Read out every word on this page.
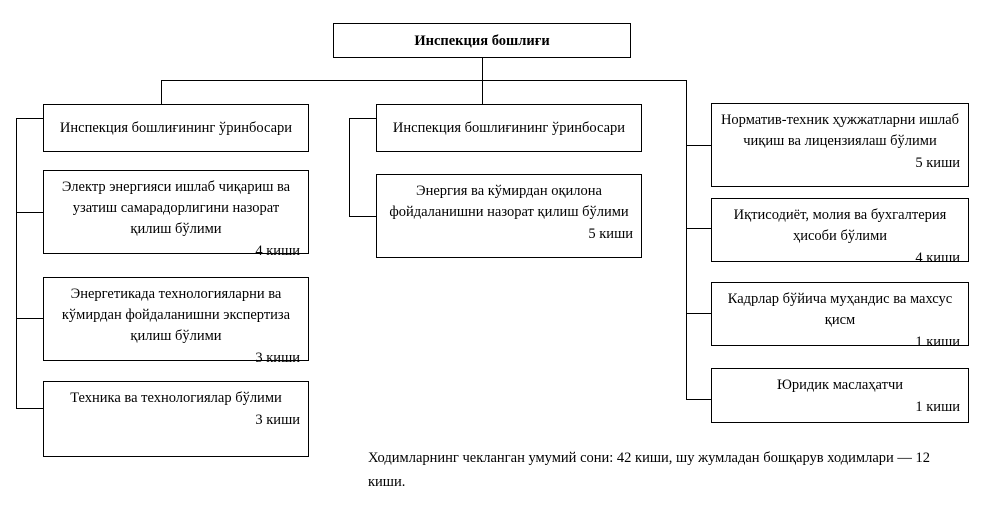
Инспекция бошлиғи
Инспекция бошлиғининг ўринбосари
Электр энергияси ишлаб чиқариш ва узатиш самарадорлигини назорат қилиш бўлими
4 киши
Энергетикада технологияларни ва кўмирдан фойдаланишни экспертиза қилиш бўлими
3 киши
Техника ва технологиялар бўлими
3 киши
Инспекция бошлиғининг ўринбосари
Энергия ва кўмирдан оқилона фойдаланишни назорат қилиш бўлими
5 киши
Норматив-техник ҳужжатларни ишлаб чиқиш ва лицензиялаш бўлими
5 киши
Иқтисодиёт, молия ва бухгалтерия ҳисоби бўлими
4 киши
Кадрлар бўйича муҳандис ва махсус қисм
1 киши
Юридик маслаҳатчи
1 киши
Ходимларнинг чекланган умумий сони: 42 киши, шу жумладан бошқарув ходимлари — 12 киши.
